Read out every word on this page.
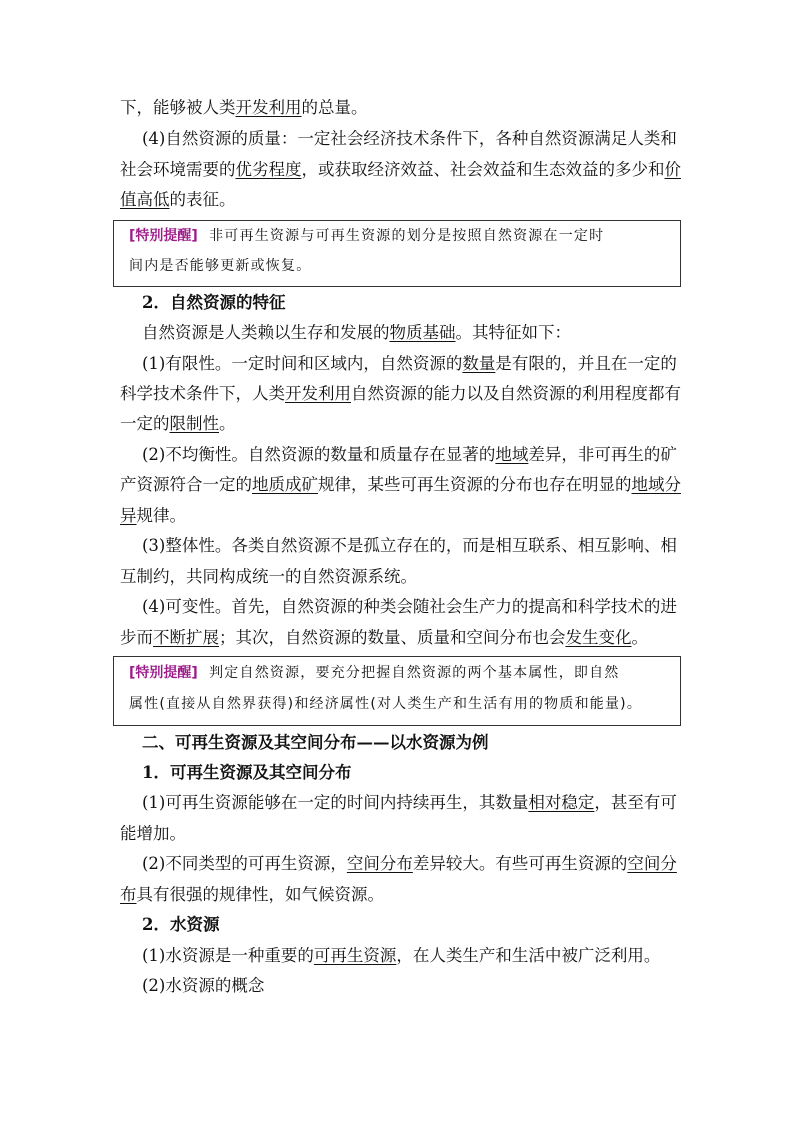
下，能够被人类开发利用的总量。
(4)自然资源的质量：一定社会经济技术条件下，各种自然资源满足人类和
社会环境需要的优劣程度，或获取经济效益、社会效益和生态效益的多少和价
值高低的表征。
[特别提醒] 非可再生资源与可再生资源的划分是按照自然资源在一定时
间内是否能够更新或恢复。
2．自然资源的特征
自然资源是人类赖以生存和发展的物质基础。其特征如下：
(1)有限性。一定时间和区域内，自然资源的数量是有限的，并且在一定的
科学技术条件下，人类开发利用自然资源的能力以及自然资源的利用程度都有
一定的限制性。
(2)不均衡性。自然资源的数量和质量存在显著的地域差异，非可再生的矿
产资源符合一定的地质成矿规律，某些可再生资源的分布也存在明显的地域分
异规律。
(3)整体性。各类自然资源不是孤立存在的，而是相互联系、相互影响、相
互制约，共同构成统一的自然资源系统。
(4)可变性。首先，自然资源的种类会随社会生产力的提高和科学技术的进
步而不断扩展；其次，自然资源的数量、质量和空间分布也会发生变化。
[特别提醒] 判定自然资源，要充分把握自然资源的两个基本属性，即自然
属性(直接从自然界获得)和经济属性(对人类生产和生活有用的物质和能量)。
二、可再生资源及其空间分布——以水资源为例
1．可再生资源及其空间分布
(1)可再生资源能够在一定的时间内持续再生，其数量相对稳定，甚至有可
能增加。
(2)不同类型的可再生资源，空间分布差异较大。有些可再生资源的空间分
布具有很强的规律性，如气候资源。
2．水资源
(1)水资源是一种重要的可再生资源，在人类生产和生活中被广泛利用。
(2)水资源的概念
